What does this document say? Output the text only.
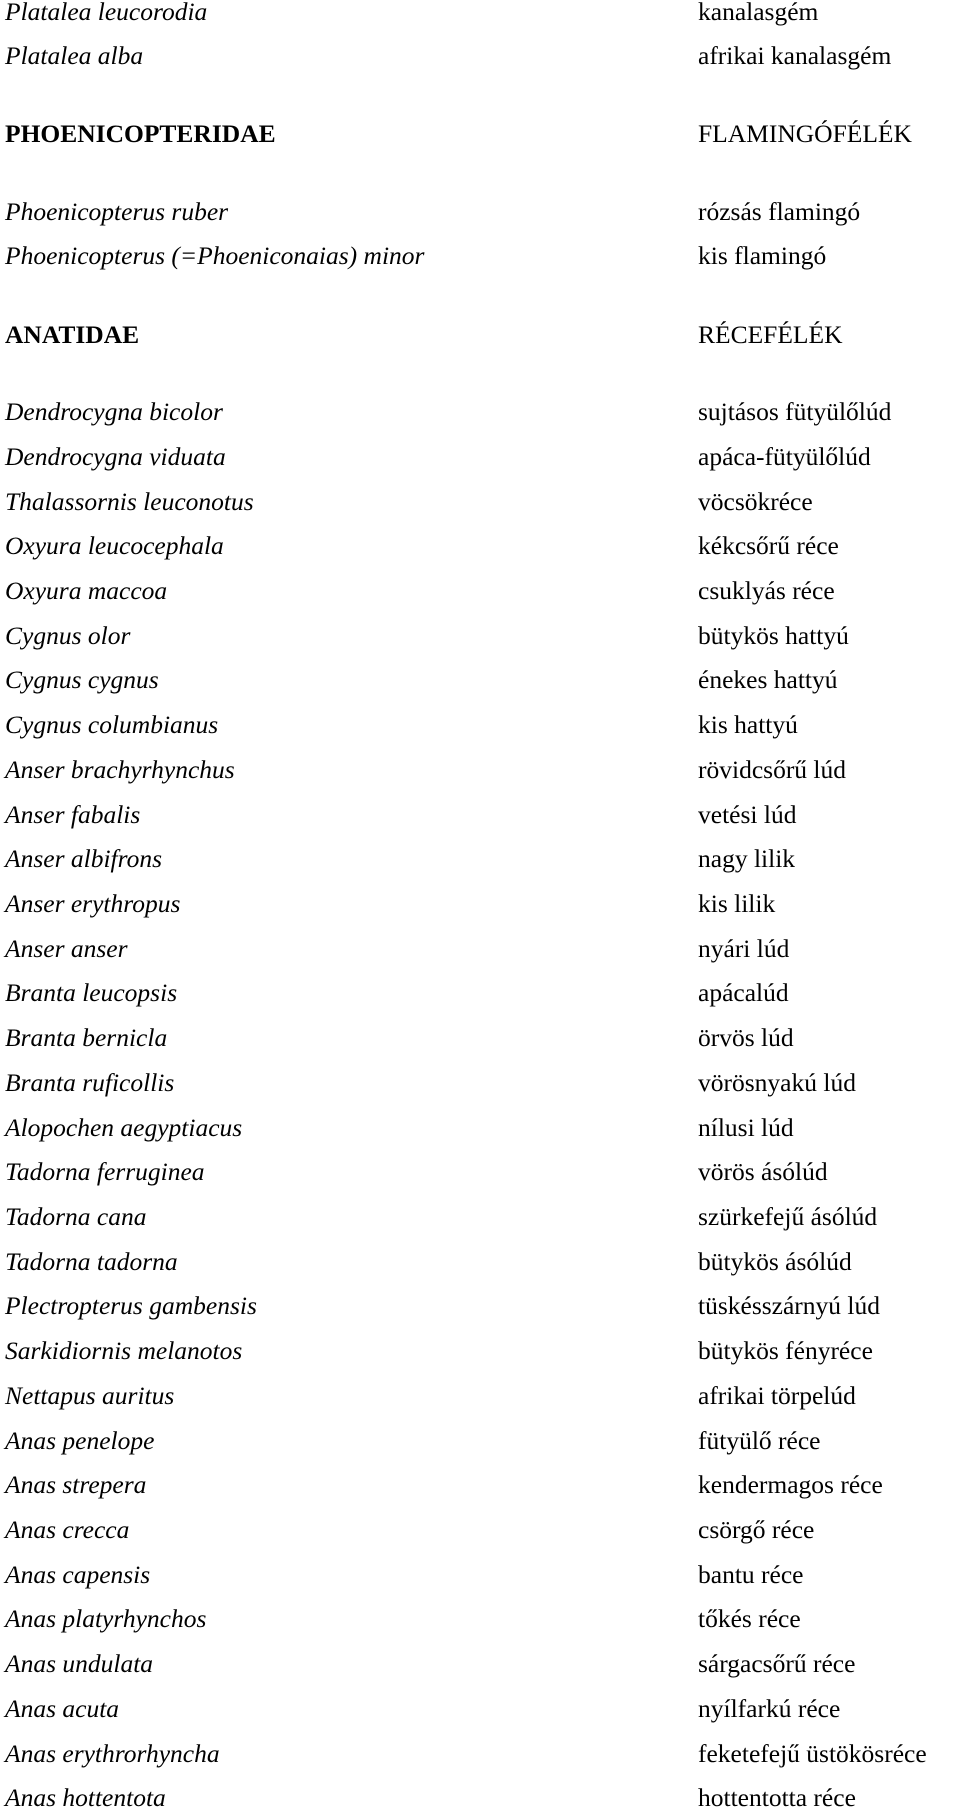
Platalea leucorodia	kanalasgém
Platalea alba	afrikai kanalasgém
PHOENICOPTERIDAE	FLAMINGÓFÉLÉK
Phoenicopterus ruber	rózsás flamingó
Phoenicopterus (=Phoeniconaias) minor	kis flamingó
ANATIDAE	RÉCEFÉLÉK
Dendrocygna bicolor	sujtásos fütyülőlúd
Dendrocygna viduata	apáca-fütyülőlúd
Thalassornis leuconotus	vöcsökréce
Oxyura leucocephala	kékcsőrű réce
Oxyura maccoa	csuklyás réce
Cygnus olor	bütykös hattyú
Cygnus cygnus	énekes hattyú
Cygnus columbianus	kis hattyú
Anser brachyrhynchus	rövidcsőrű lúd
Anser fabalis	vetési lúd
Anser albifrons	nagy lilik
Anser erythropus	kis lilik
Anser anser	nyári lúd
Branta leucopsis	apácalúd
Branta bernicla	örvös lúd
Branta ruficollis	vörösnyakú lúd
Alopochen aegyptiacus	nílusi lúd
Tadorna ferruginea	vörös ásólúd
Tadorna cana	szürkefejű ásólúd
Tadorna tadorna	bütykös ásólúd
Plectropterus gambensis	tüskésszárnyú lúd
Sarkidiornis melanotos	bütykös fényréce
Nettapus auritus	afrikai törpelúd
Anas penelope	fütyülő réce
Anas strepera	kendermagos réce
Anas crecca	csörgő réce
Anas capensis	bantu réce
Anas platyrhynchos	tőkés réce
Anas undulata	sárgacsőrű réce
Anas acuta	nyílfarkú réce
Anas erythrorhyncha	feketefejű üstökösréce
Anas hottentota	hottentotta réce
